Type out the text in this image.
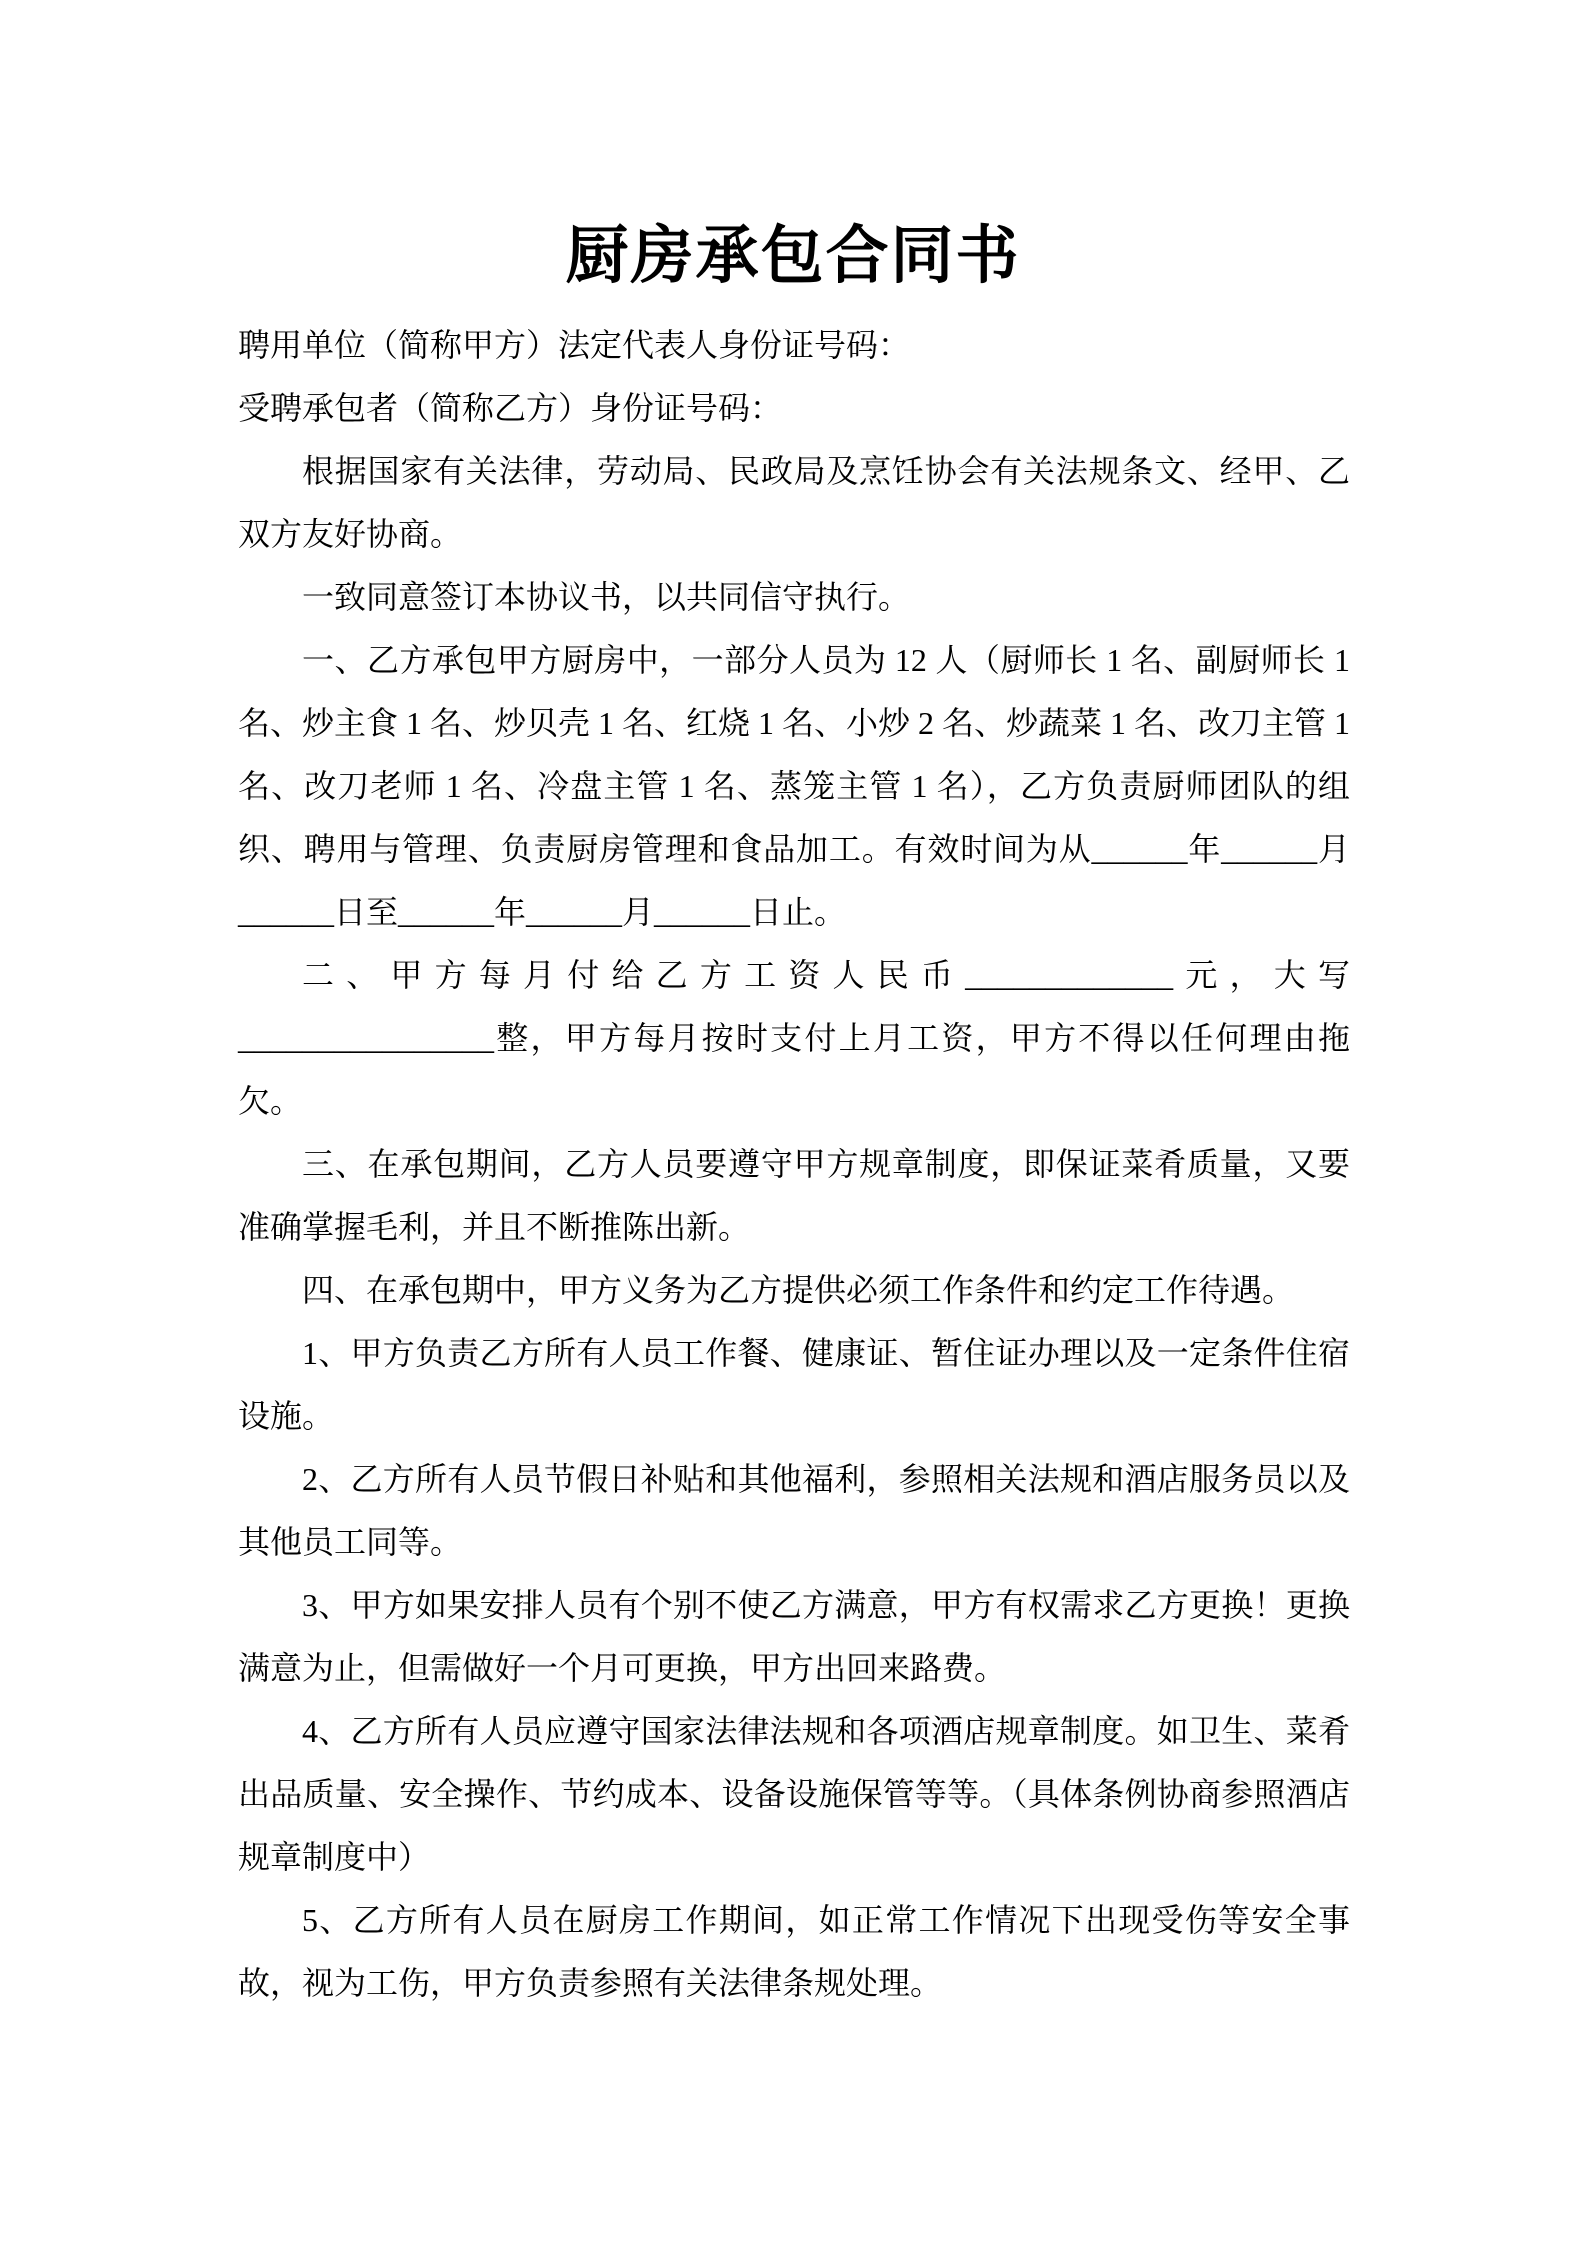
厨房承包合同书

聘用单位（简称甲方）法定代表人身份证号码：

受聘承包者（简称乙方）身份证号码：

根据国家有关法律，劳动局、民政局及烹饪协会有关法规条文、经甲、乙双方友好协商。

一致同意签订本协议书，以共同信守执行。

一、乙方承包甲方厨房中，一部分人员为 12 人（厨师长 1 名、副厨师长 1 名、炒主食 1 名、炒贝壳 1 名、红烧 1 名、小炒 2 名、炒蔬菜 1 名、改刀主管 1 名、改刀老师 1 名、冷盘主管 1 名、蒸笼主管 1 名），乙方负责厨师团队的组织、聘用与管理、负责厨房管理和食品加工。有效时间为从______年______月______日至______年______月______日止。

二、甲方每月付给乙方工资人民币_____________元，大写________________整，甲方每月按时支付上月工资，甲方不得以任何理由拖欠。

三、在承包期间，乙方人员要遵守甲方规章制度，即保证菜肴质量，又要准确掌握毛利，并且不断推陈出新。

四、在承包期中，甲方义务为乙方提供必须工作条件和约定工作待遇。

1、甲方负责乙方所有人员工作餐、健康证、暂住证办理以及一定条件住宿设施。

2、乙方所有人员节假日补贴和其他福利，参照相关法规和酒店服务员以及其他员工同等。

3、甲方如果安排人员有个别不使乙方满意，甲方有权需求乙方更换！更换满意为止，但需做好一个月可更换，甲方出回来路费。

4、乙方所有人员应遵守国家法律法规和各项酒店规章制度。如卫生、菜肴出品质量、安全操作、节约成本、设备设施保管等等。（具体条例协商参照酒店规章制度中）

5、乙方所有人员在厨房工作期间，如正常工作情况下出现受伤等安全事故，视为工伤，甲方负责参照有关法律条规处理。
